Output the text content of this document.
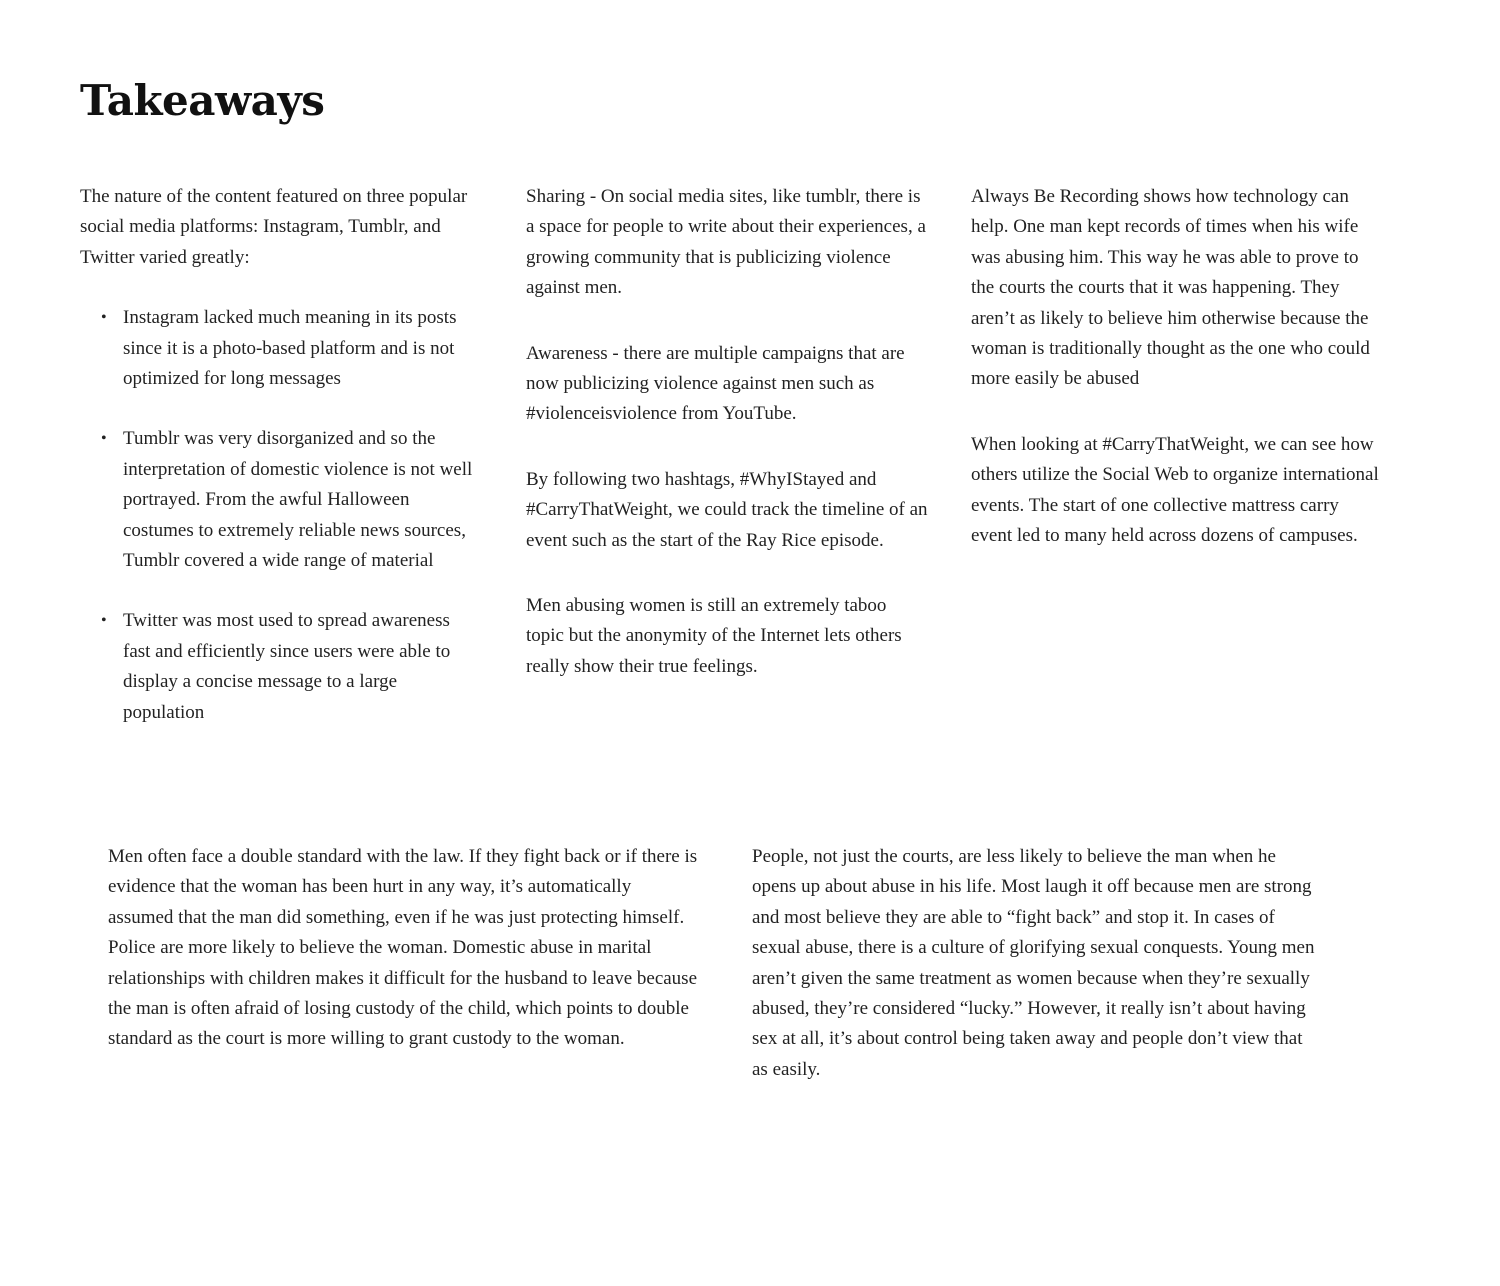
Takeaways

The nature of the content featured on three popular social media platforms: Instagram, Tumblr, and Twitter varied greatly:

• Instagram lacked much meaning in its posts since it is a photo-based platform and is not optimized for long messages
• Tumblr was very disorganized and so the interpretation of domestic violence is not well portrayed. From the awful Halloween costumes to extremely reliable news sources, Tumblr covered a wide range of material
• Twitter was most used to spread awareness fast and efficiently since users were able to display a concise message to a large population

Sharing - On social media sites, like tumblr, there is a space for people to write about their experiences, a growing community that is publicizing violence against men.

Awareness - there are multiple campaigns that are now publicizing violence against men such as #violenceisviolence from YouTube.

By following two hashtags, #WhyIStayed and #CarryThatWeight, we could track the timeline of an event such as the start of the Ray Rice episode.

Men abusing women is still an extremely taboo topic but the anonymity of the Internet lets others really show their true feelings.

Always Be Recording shows how technology can help. One man kept records of times when his wife was abusing him. This way he was able to prove to the courts the courts that it was happening. They aren’t as likely to believe him otherwise because the woman is traditionally thought as the one who could more easily be abused

When looking at #CarryThatWeight, we can see how others utilize the Social Web to organize international events. The start of one collective mattress carry event led to many held across dozens of campuses.

Men often face a double standard with the law. If they fight back or if there is evidence that the woman has been hurt in any way, it’s automatically assumed that the man did something, even if he was just protecting himself. Police are more likely to believe the woman. Domestic abuse in marital relationships with children makes it difficult for the husband to leave because the man is often afraid of losing custody of the child, which points to double standard as the court is more willing to grant custody to the woman.

People, not just the courts, are less likely to believe the man when he opens up about abuse in his life. Most laugh it off because men are strong and most believe they are able to “fight back” and stop it. In cases of sexual abuse, there is a culture of glorifying sexual conquests. Young men aren’t given the same treatment as women because when they’re sexually abused, they’re considered “lucky.” However, it really isn’t about having sex at all, it’s about control being taken away and people don’t view that as easily.
